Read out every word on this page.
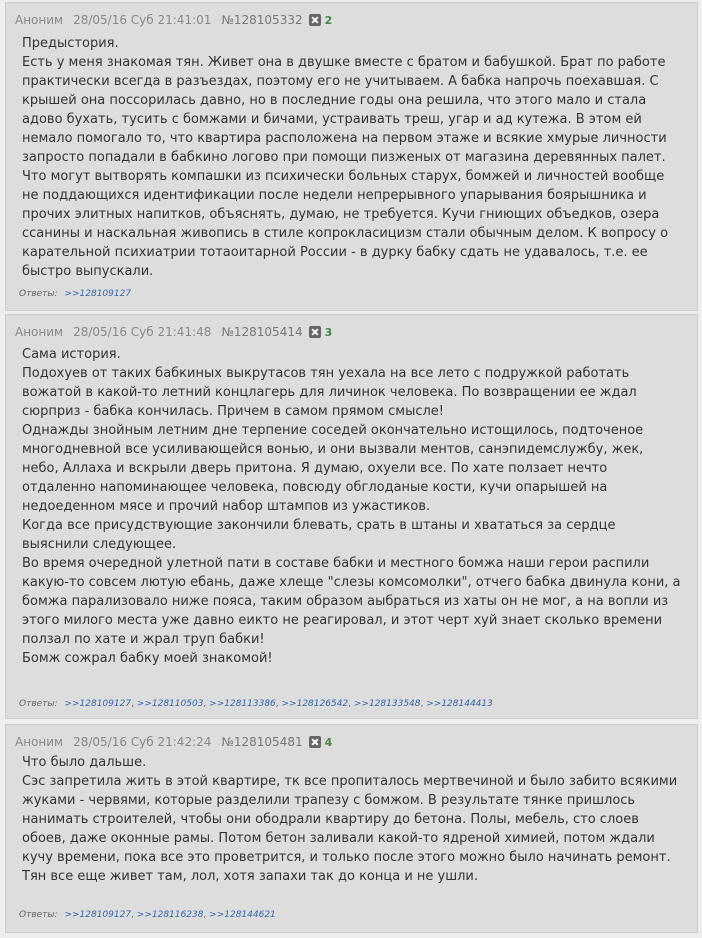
Аноним 28/05/16 Суб 21:41:01 №128105332 2

Предыстория.

Есть у меня знакомая тян. Живет она в двушке вместе с братом и бабушкой. Брат по работе практически всегда в разъездах, поэтому его не учитываем. А бабка напрочь поехавшая. С крышей она поссорилась давно, но в последние годы она решила, что этого мало и стала адово бухать, тусить с бомжами и бичами, устраивать треш, угар и ад кутежа. В этом ей немало помогало то, что квартира расположена на первом этаже и всякие хмурые личности запросто попадали в бабкино логово при помощи пизженых от магазина деревянных палет.

Что могут вытворять компашки из психически больных старух, бомжей и личностей вообще не поддающихся идентификации после недели непрерывного упарывания боярышника и прочих элитных напитков, объяснять, думаю, не требуется. Кучи гниющих объедков, озера ссанины и наскальная живопись в стиле копрокласицизм стали обычным делом. К вопросу о карательной психиатрии тотаоитарной России - в дурку бабку сдать не удавалось, т.е. ее быстро выпускали.

Ответы: >>128109127
Аноним 28/05/16 Суб 21:41:48 №128105414 3

Сама история.

Подохуев от таких бабкиных выкрутасов тян уехала на все лето с подружкой работать вожатой в какой-то летний концлагерь для личинок человека. По возвращении ее ждал сюрприз - бабка кончилась. Причем в самом прямом смысле!

Однажды знойным летним дне терпение соседей окончательно истощилось, подточеное многодневной все усиливающейся вонью, и они вызвали ментов, санэпидемслужбу, жек, небо, Аллаха и вскрыли дверь притона. Я думаю, охуели все. По хате ползает нечто отдаленно напоминающее человека, повсюду обглоданые кости, кучи опарышей на недоеденном мясе и прочий набор штампов из ужастиков.

Когда все присудствующие закончили блевать, срать в штаны и хвататься за сердце выяснили следующее.

Во время очередной улетной пати в составе бабки и местного бомжа наши герои распили какую-то совсем лютую ебань, даже хлеще "слезы комсомолки", отчего бабка двинула кони, а бомжа парализовало ниже пояса, таким образом аыбраться из хаты он не мог, а на вопли из этого милого места уже давно еикто не реагировал, и этот черт хуй знает сколько времени ползал по хате и жрал труп бабки!

Бомж сожрал бабку моей знакомой!

Ответы: >>128109127, >>128110503, >>128113386, >>128126542, >>128133548, >>128144413
Аноним 28/05/16 Суб 21:42:24 №128105481 4

Что было дальше.

Сэс запретила жить в этой квартире, тк все пропиталось мертвечиной и было забито всякими жуками - червями, которые разделили трапезу с бомжом. В результате тянке пришлось нанимать строителей, чтобы они ободрали квартиру до бетона. Полы, мебель, сто слоев обоев, даже оконные рамы. Потом бетон заливали какой-то ядреной химией, потом ждали кучу времени, пока все это проветрится, и только после этого можно было начинать ремонт. Тян все еще живет там, лол, хотя запахи так до конца и не ушли.

Ответы: >>128109127, >>128116238, >>128144621
